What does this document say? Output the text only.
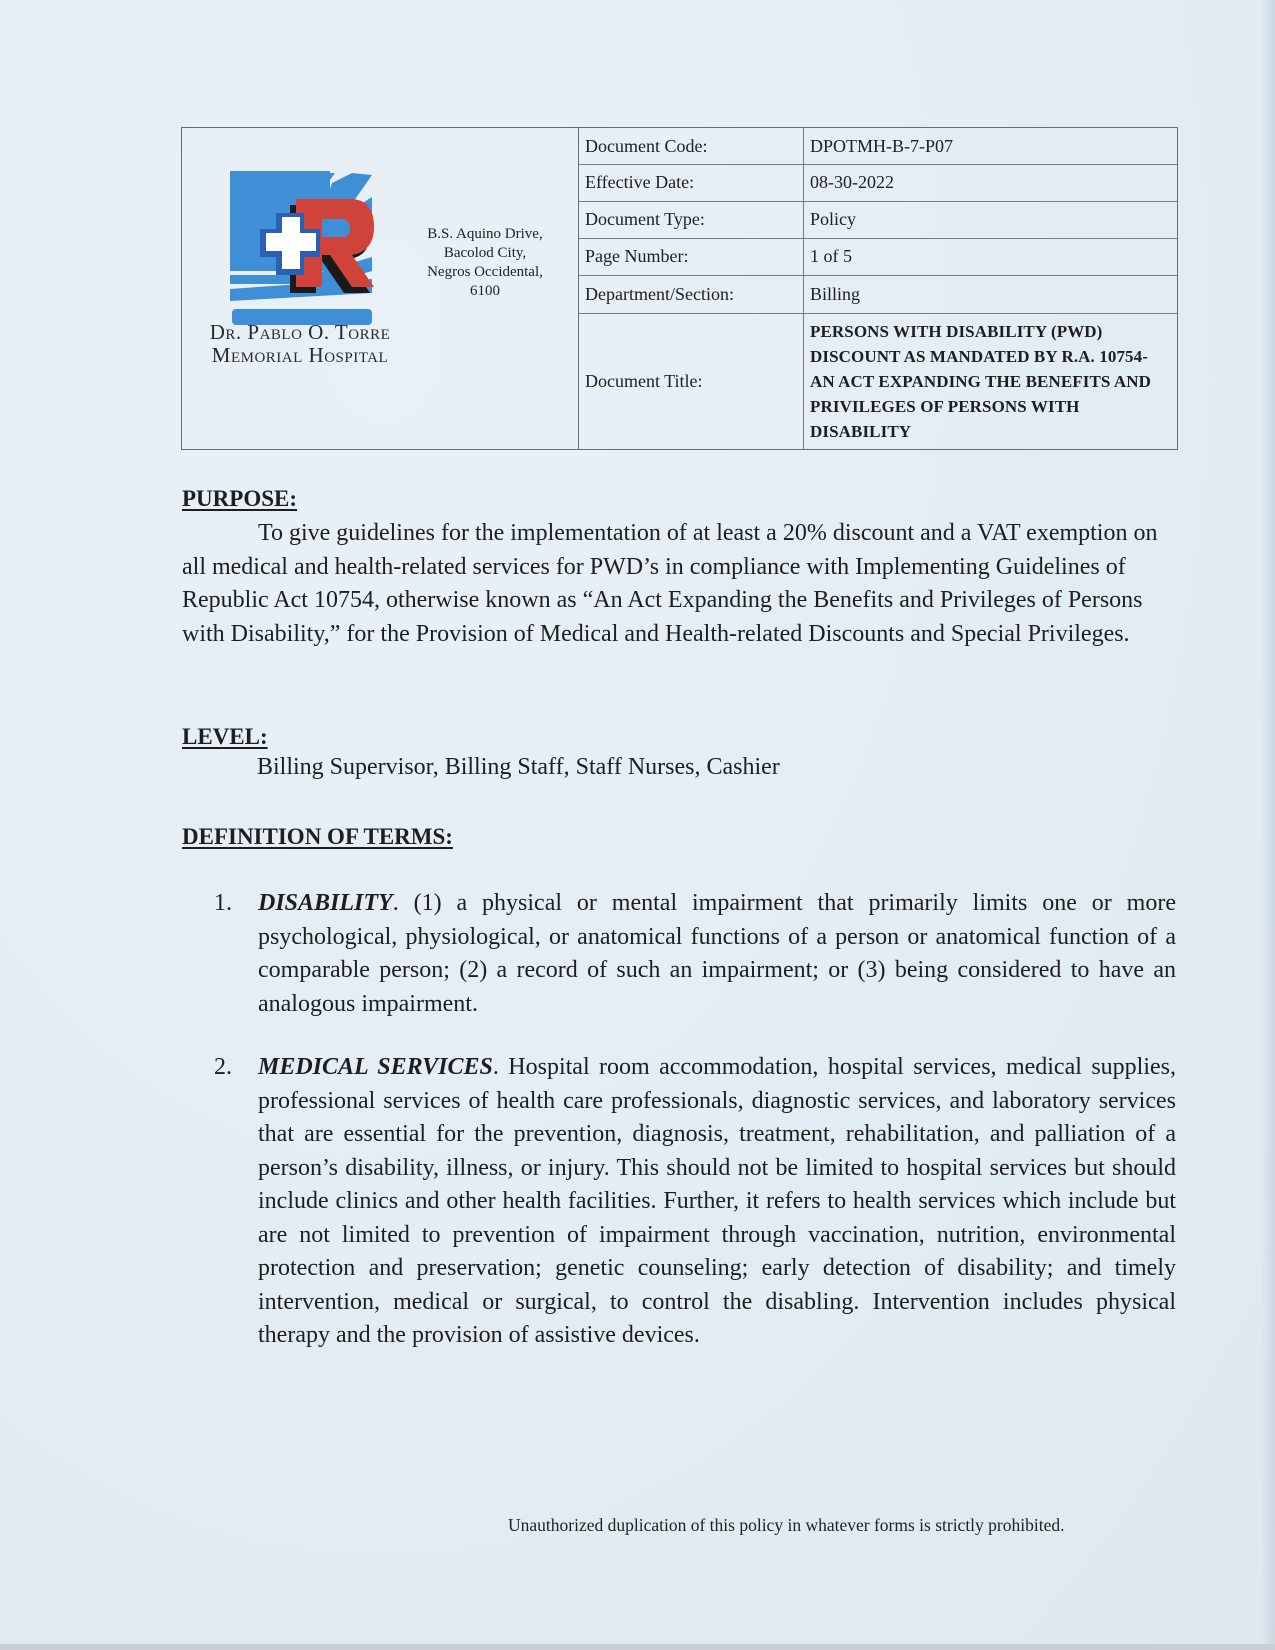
Dr. Pablo O. Torre
Memorial Hospital
B.S. Aquino Drive,
Bacolod City,
Negros Occidental,
6100
Document Code:	DPOTMH-B-7-P07
Effective Date:	08-30-2022
Document Type:	Policy
Page Number:	1 of 5
Department/Section:	Billing
Document Title:
PERSONS WITH DISABILITY (PWD) DISCOUNT AS MANDATED BY R.A. 10754-AN ACT EXPANDING THE BENEFITS AND PRIVILEGES OF PERSONS WITH DISABILITY
PURPOSE:
To give guidelines for the implementation of at least a 20% discount and a VAT exemption on all medical and health-related services for PWD’s in compliance with Implementing Guidelines of Republic Act 10754, otherwise known as “An Act Expanding the Benefits and Privileges of Persons with Disability,” for the Provision of Medical and Health-related Discounts and Special Privileges.
LEVEL:
Billing Supervisor, Billing Staff, Staff Nurses, Cashier
DEFINITION OF TERMS:
1. DISABILITY. (1) a physical or mental impairment that primarily limits one or more psychological, physiological, or anatomical functions of a person or anatomical function of a comparable person; (2) a record of such an impairment; or (3) being considered to have an analogous impairment.
2. MEDICAL SERVICES. Hospital room accommodation, hospital services, medical supplies, professional services of health care professionals, diagnostic services, and laboratory services that are essential for the prevention, diagnosis, treatment, rehabilitation, and palliation of a person’s disability, illness, or injury. This should not be limited to hospital services but should include clinics and other health facilities. Further, it refers to health services which include but are not limited to prevention of impairment through vaccination, nutrition, environmental protection and preservation; genetic counseling; early detection of disability; and timely intervention, medical or surgical, to control the disabling. Intervention includes physical therapy and the provision of assistive devices.
Unauthorized duplication of this policy in whatever forms is strictly prohibited.
